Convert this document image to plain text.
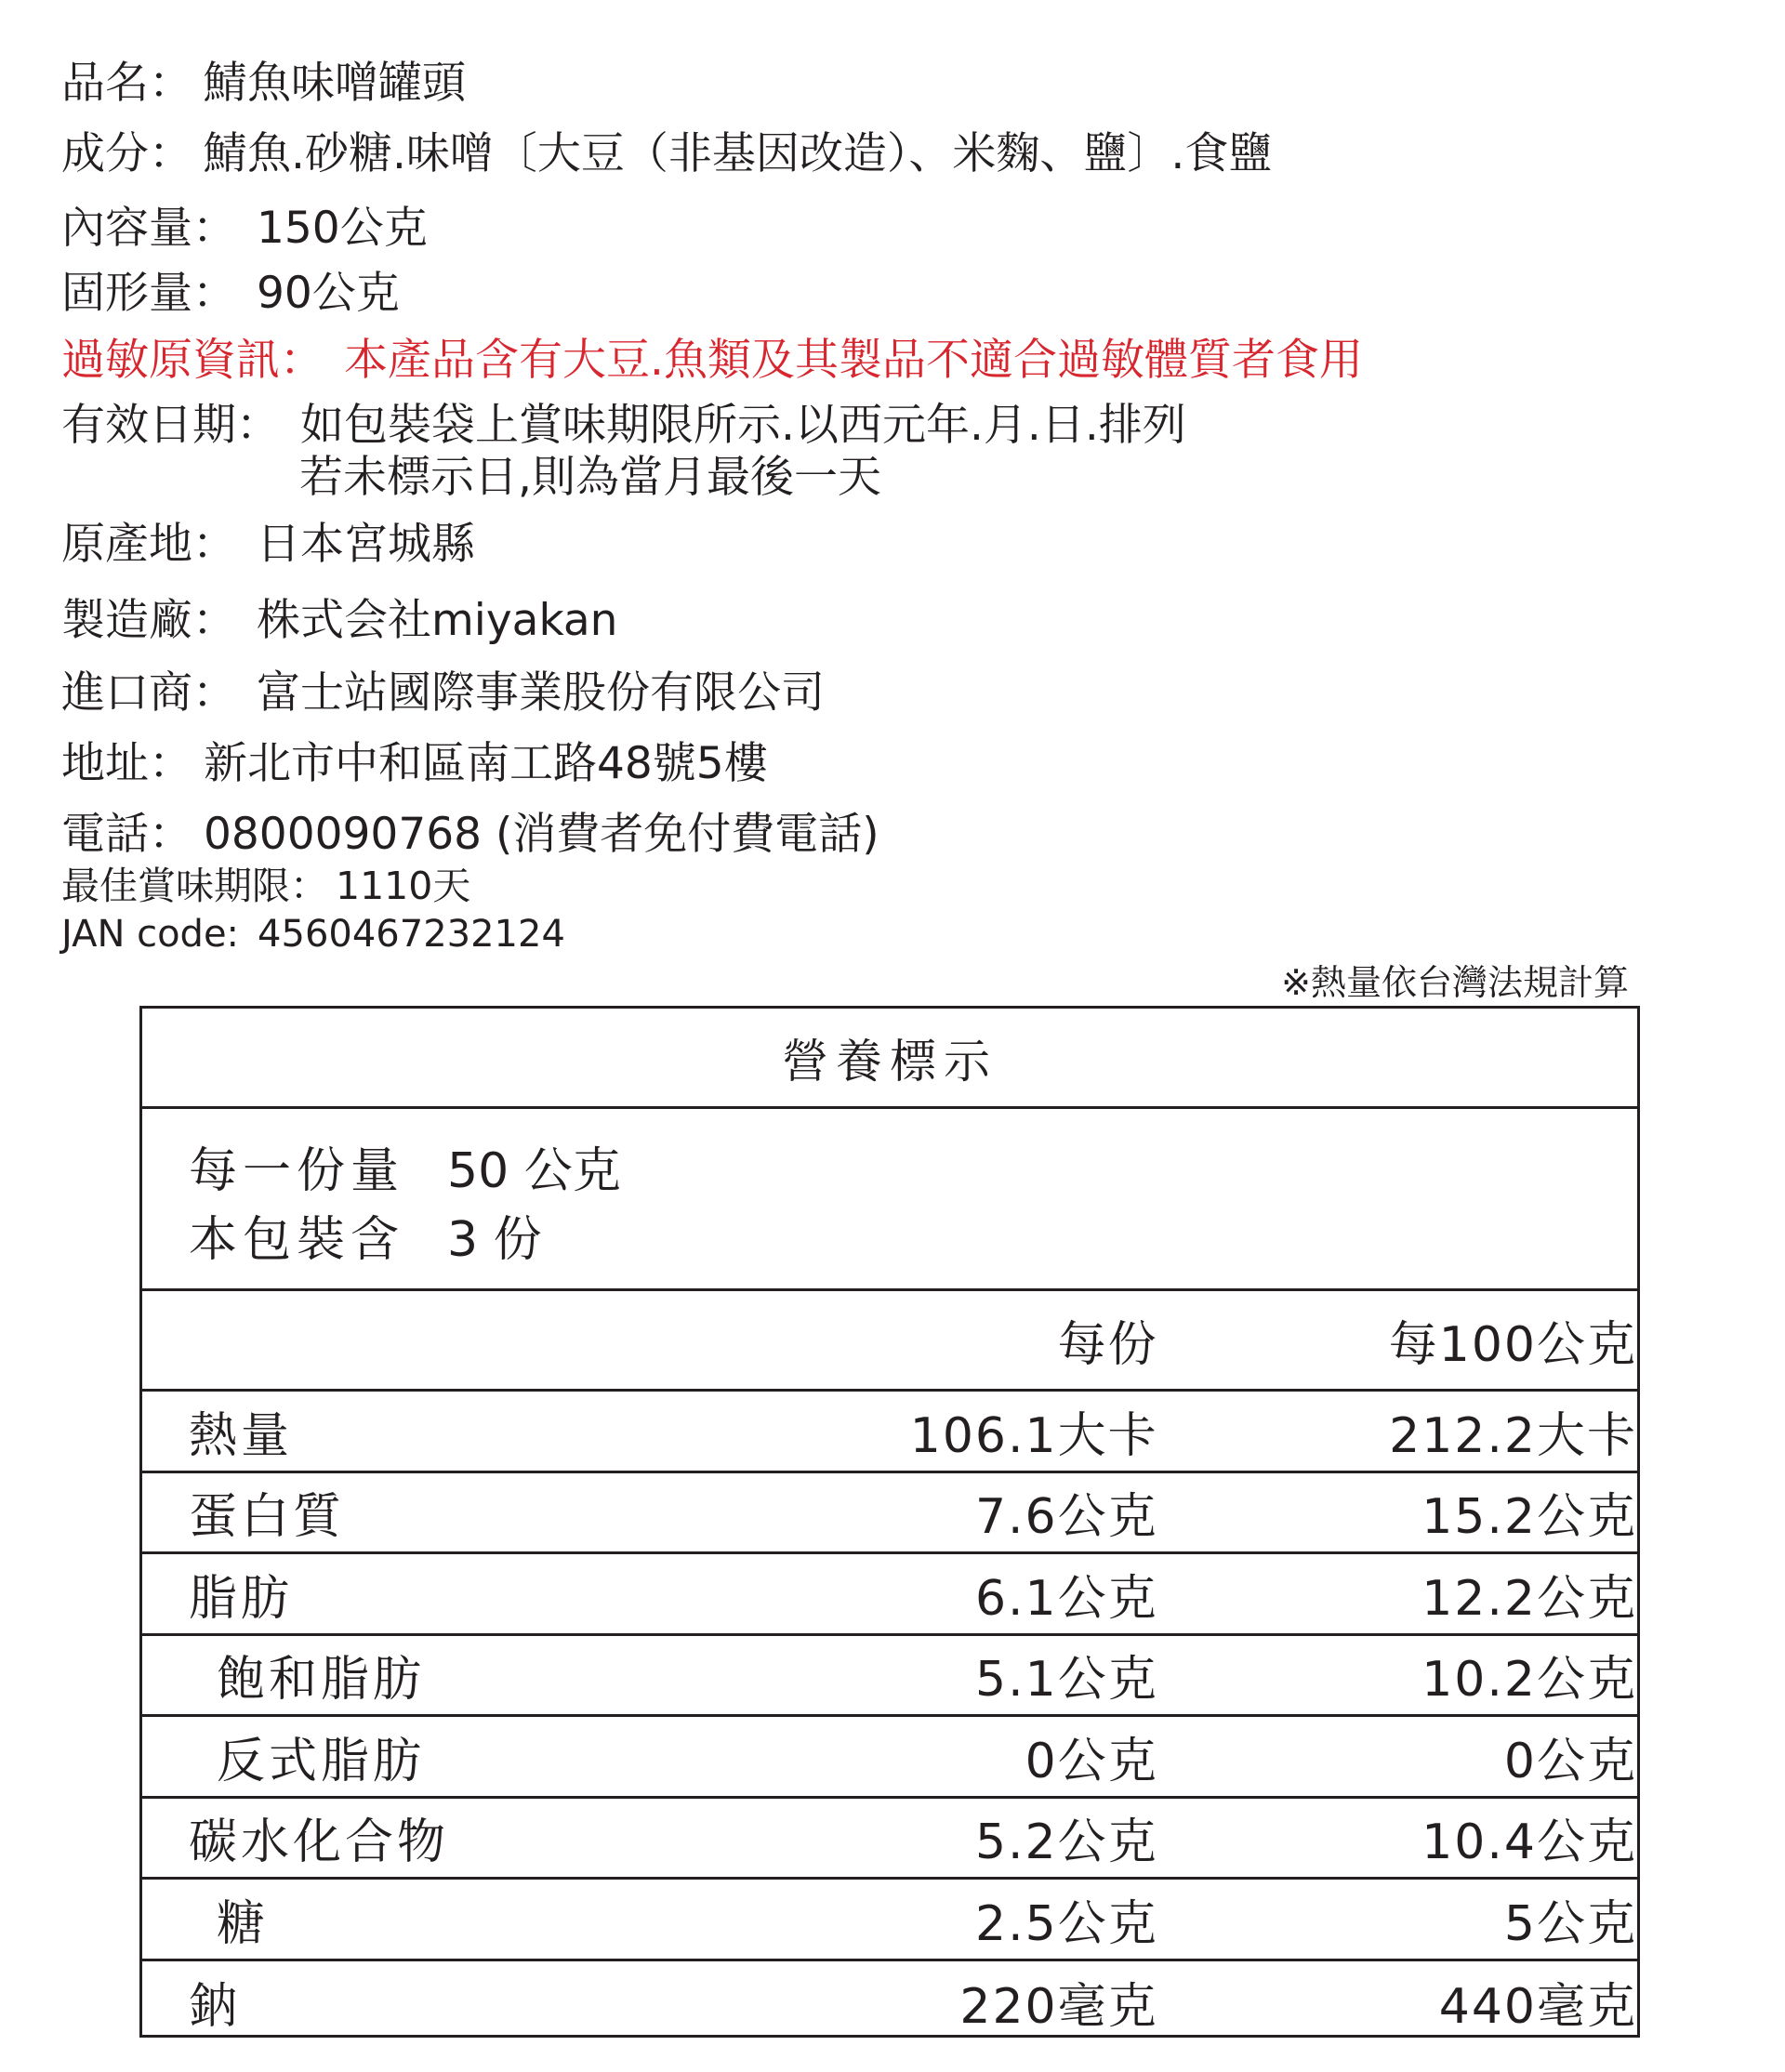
品名： 鯖魚味噌罐頭
成分： 鯖魚.砂糖.味噌〔大豆（非基因改造）、米麴、鹽〕.食鹽
內容量： 150公克
固形量： 90公克
過敏原資訊： 本產品含有大豆.魚類及其製品不適合過敏體質者食用
有效日期： 如包裝袋上賞味期限所示.以西元年.月.日.排列
若未標示日,則為當月最後一天
原產地： 日本宮城縣
製造廠： 株式会社miyakan
進口商： 富士站國際事業股份有限公司
地址： 新北市中和區南工路48號5樓
電話： 0800090768 (消費者免付費電話)
最佳賞味期限： 1110天
JAN code: 4560467232124
※熱量依台灣法規計算
營養標示
每一份量 50 公克
本包裝含 3 份
每份	每100公克
熱量	106.1大卡	212.2大卡
蛋白質	7.6公克	15.2公克
脂肪	6.1公克	12.2公克
飽和脂肪	5.1公克	10.2公克
反式脂肪	0公克	0公克
碳水化合物	5.2公克	10.4公克
糖	2.5公克	5公克
鈉	220毫克	440毫克
